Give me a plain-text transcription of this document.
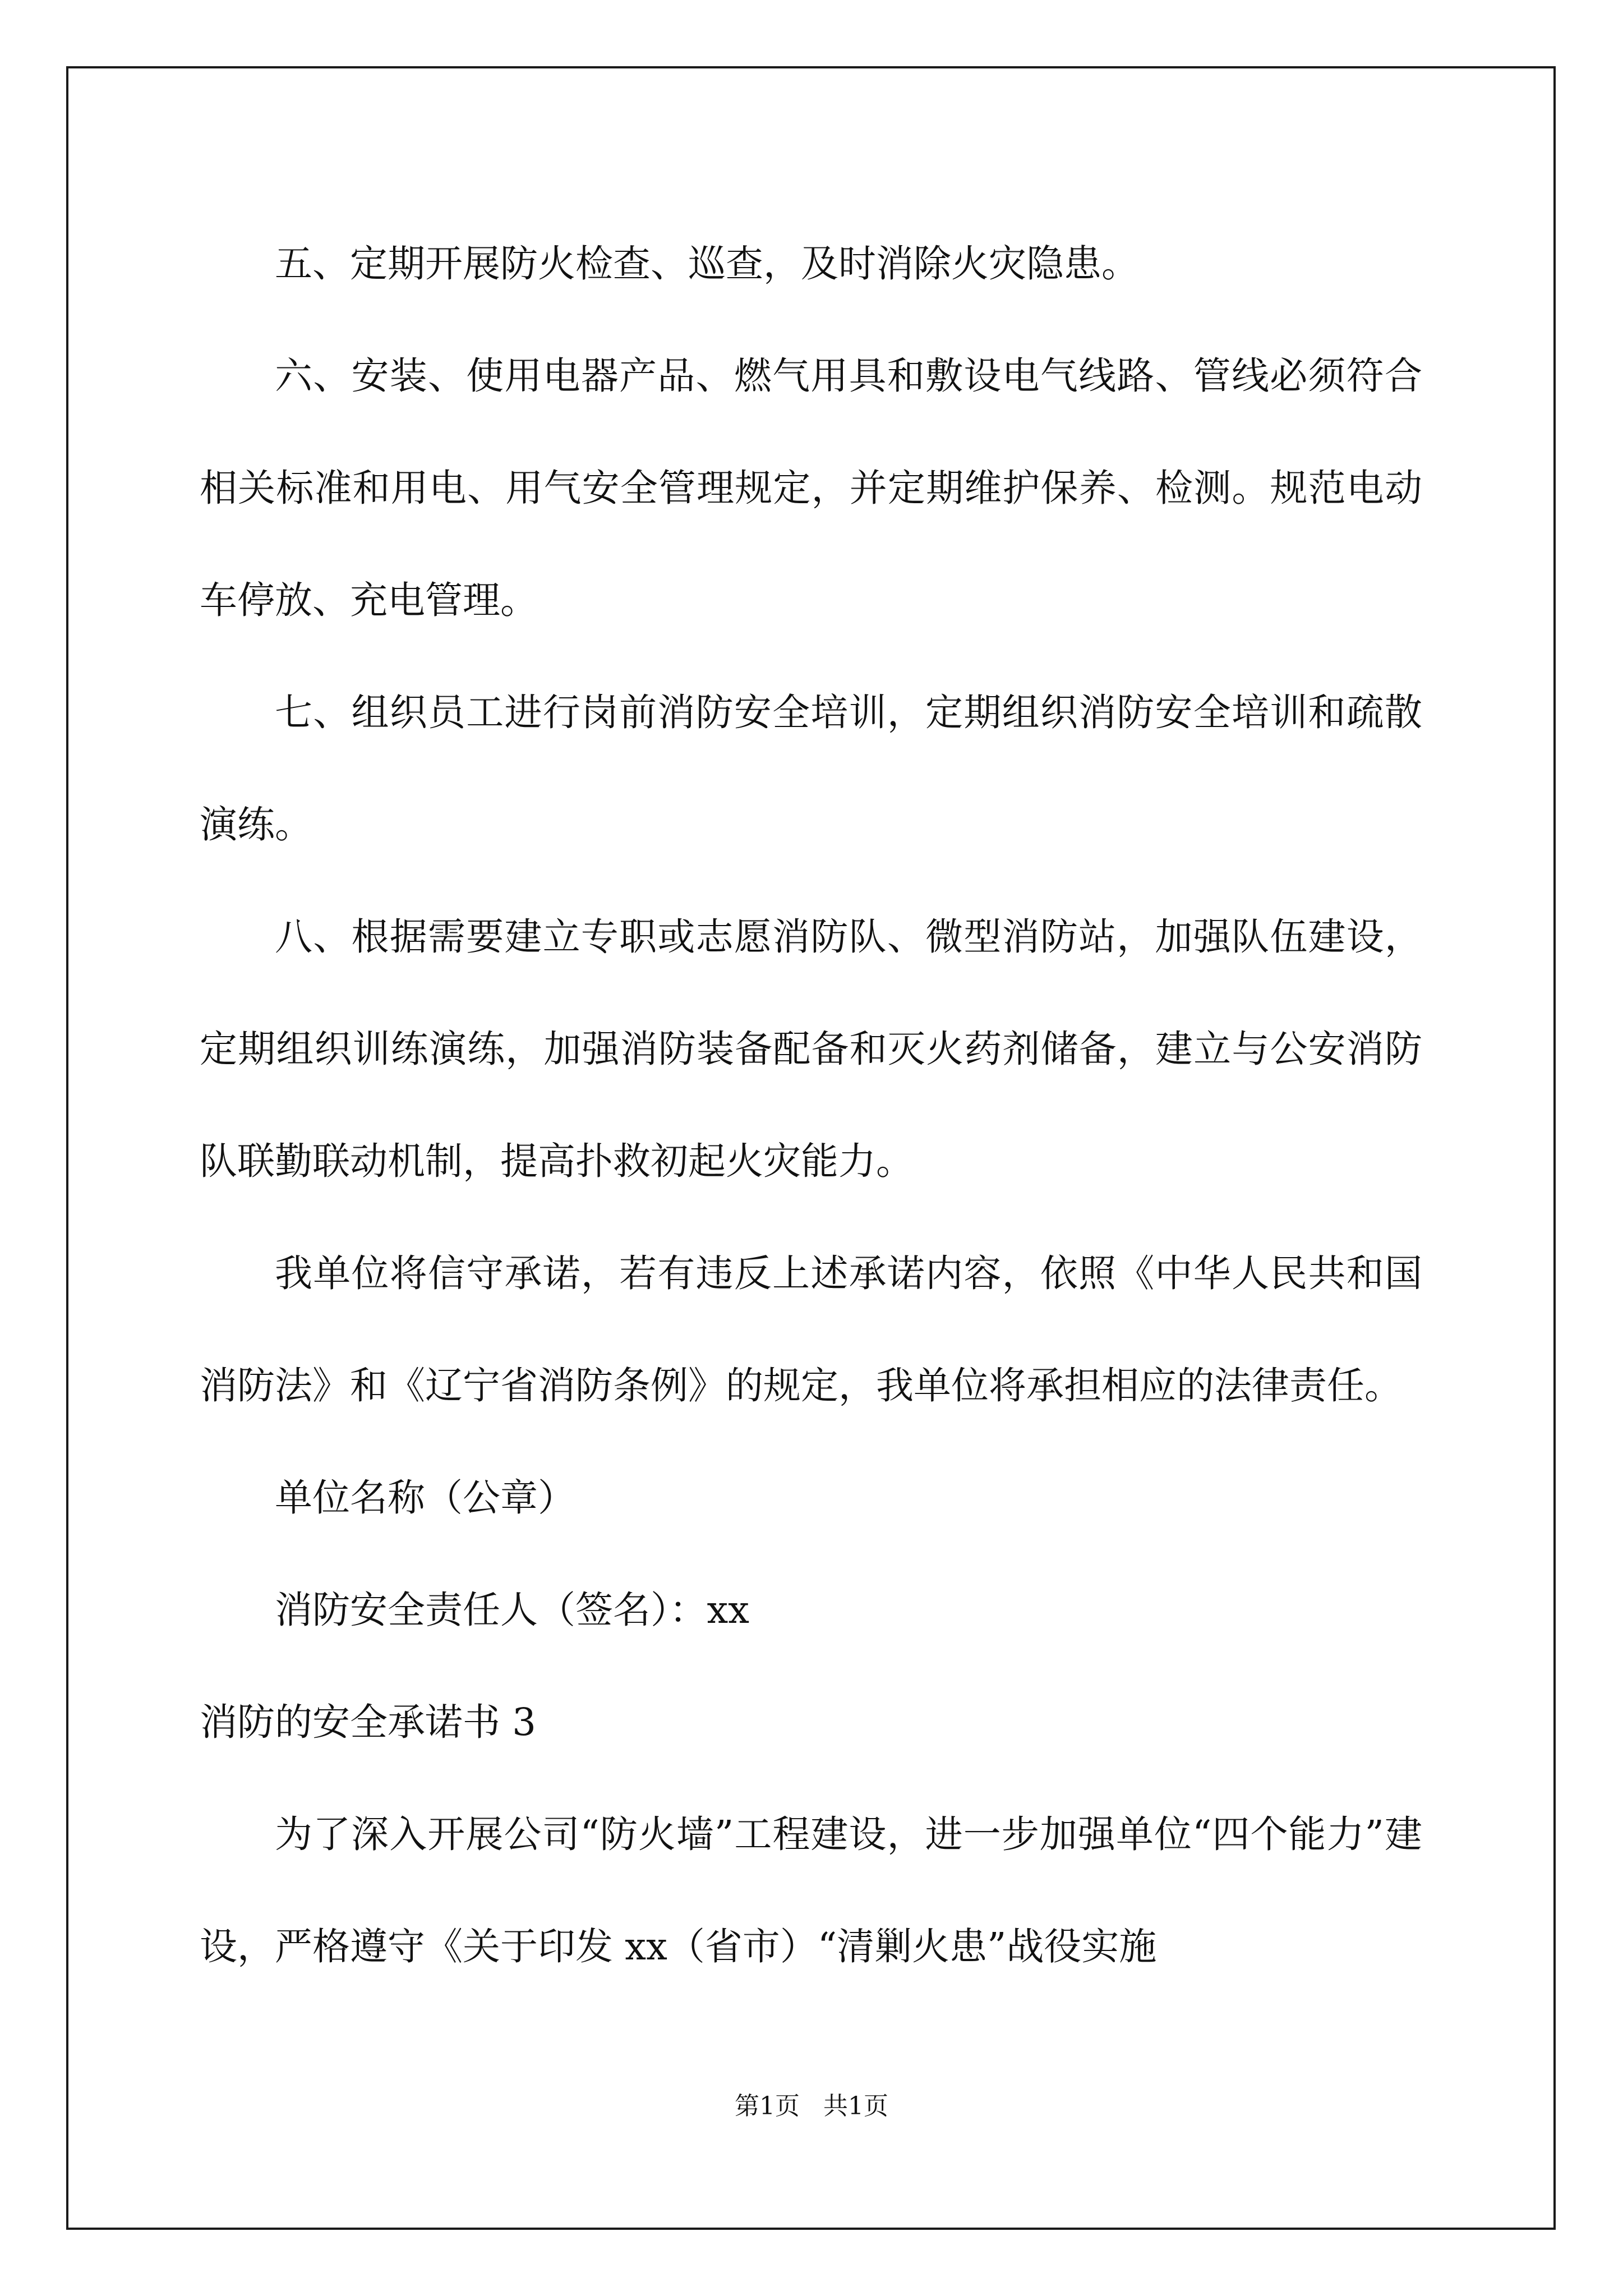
五、定期开展防火检查、巡查，及时消除火灾隐患。

六、安装、使用电器产品、燃气用具和敷设电气线路、管线必须符合相关标准和用电、用气安全管理规定，并定期维护保养、检测。规范电动车停放、充电管理。

七、组织员工进行岗前消防安全培训，定期组织消防安全培训和疏散演练。

八、根据需要建立专职或志愿消防队、微型消防站，加强队伍建设，定期组织训练演练，加强消防装备配备和灭火药剂储备，建立与公安消防队联勤联动机制，提高扑救初起火灾能力。

我单位将信守承诺，若有违反上述承诺内容，依照《中华人民共和国消防法》和《辽宁省消防条例》的规定，我单位将承担相应的法律责任。

单位名称（公章）

消防安全责任人（签名）：xx

消防的安全承诺书 3

为了深入开展公司“防火墙”工程建设，进一步加强单位“四个能力”建设，严格遵守《关于印发 xx（省市）“清剿火患”战役实施

第1页   共1页
